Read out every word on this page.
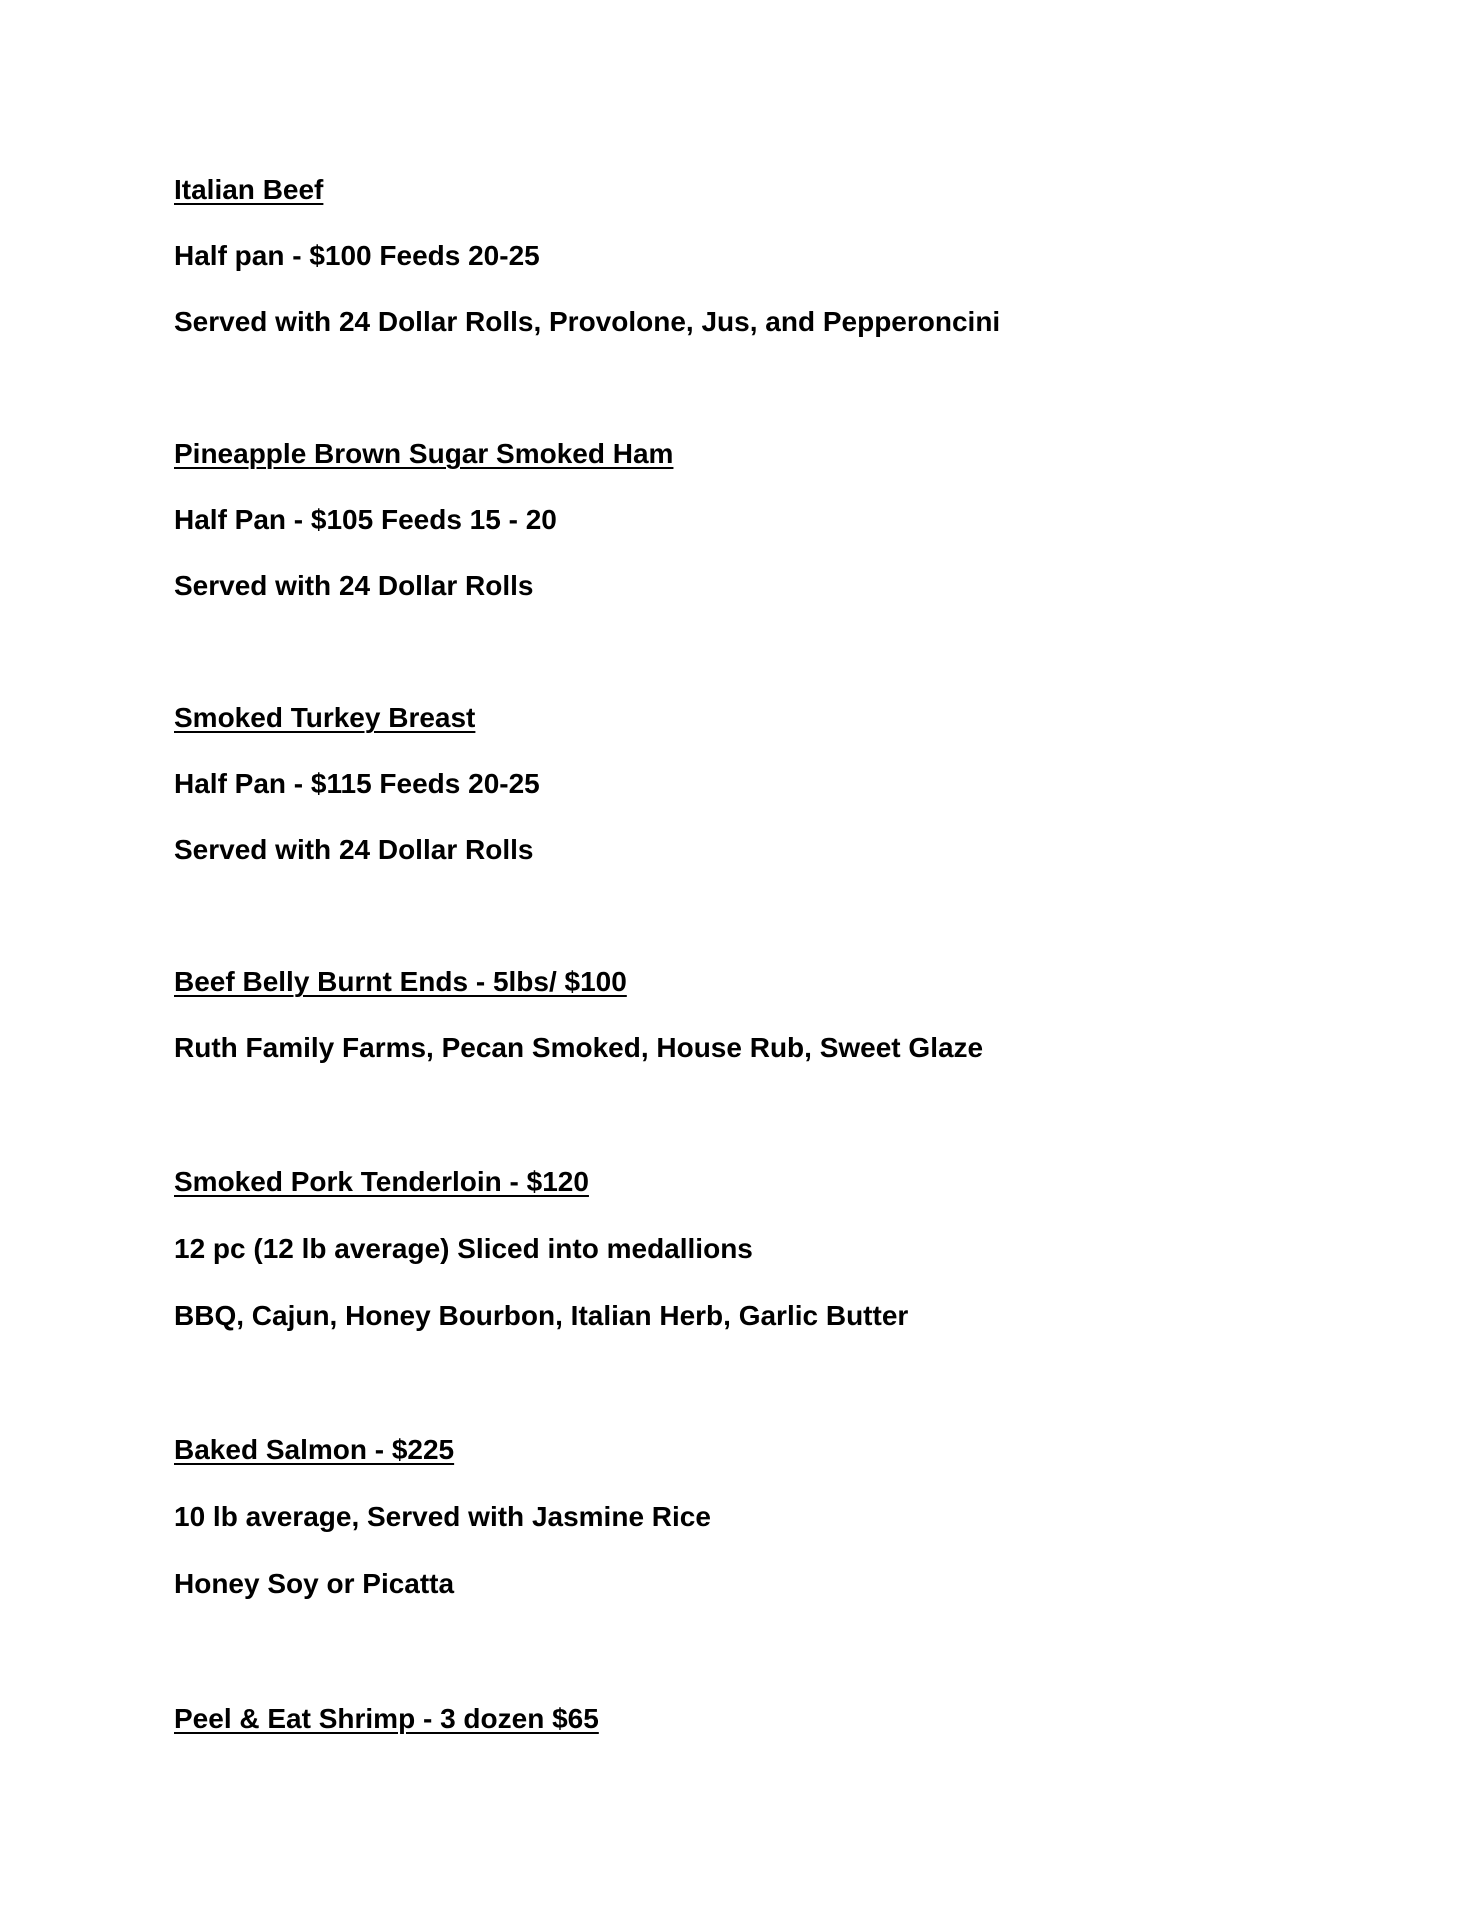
Italian Beef

Half pan - $100 Feeds 20-25

Served with 24 Dollar Rolls, Provolone, Jus, and Pepperoncini

Pineapple Brown Sugar Smoked Ham

Half Pan - $105 Feeds 15 - 20

Served with 24 Dollar Rolls

Smoked Turkey Breast

Half Pan - $115 Feeds 20-25

Served with 24 Dollar Rolls

Beef Belly Burnt Ends - 5lbs/ $100

Ruth Family Farms, Pecan Smoked, House Rub, Sweet Glaze

Smoked Pork Tenderloin - $120

12 pc (12 lb average) Sliced into medallions

BBQ, Cajun, Honey Bourbon, Italian Herb, Garlic Butter

Baked Salmon - $225

10 lb average, Served with Jasmine Rice

Honey Soy or Picatta

Peel & Eat Shrimp - 3 dozen $65
